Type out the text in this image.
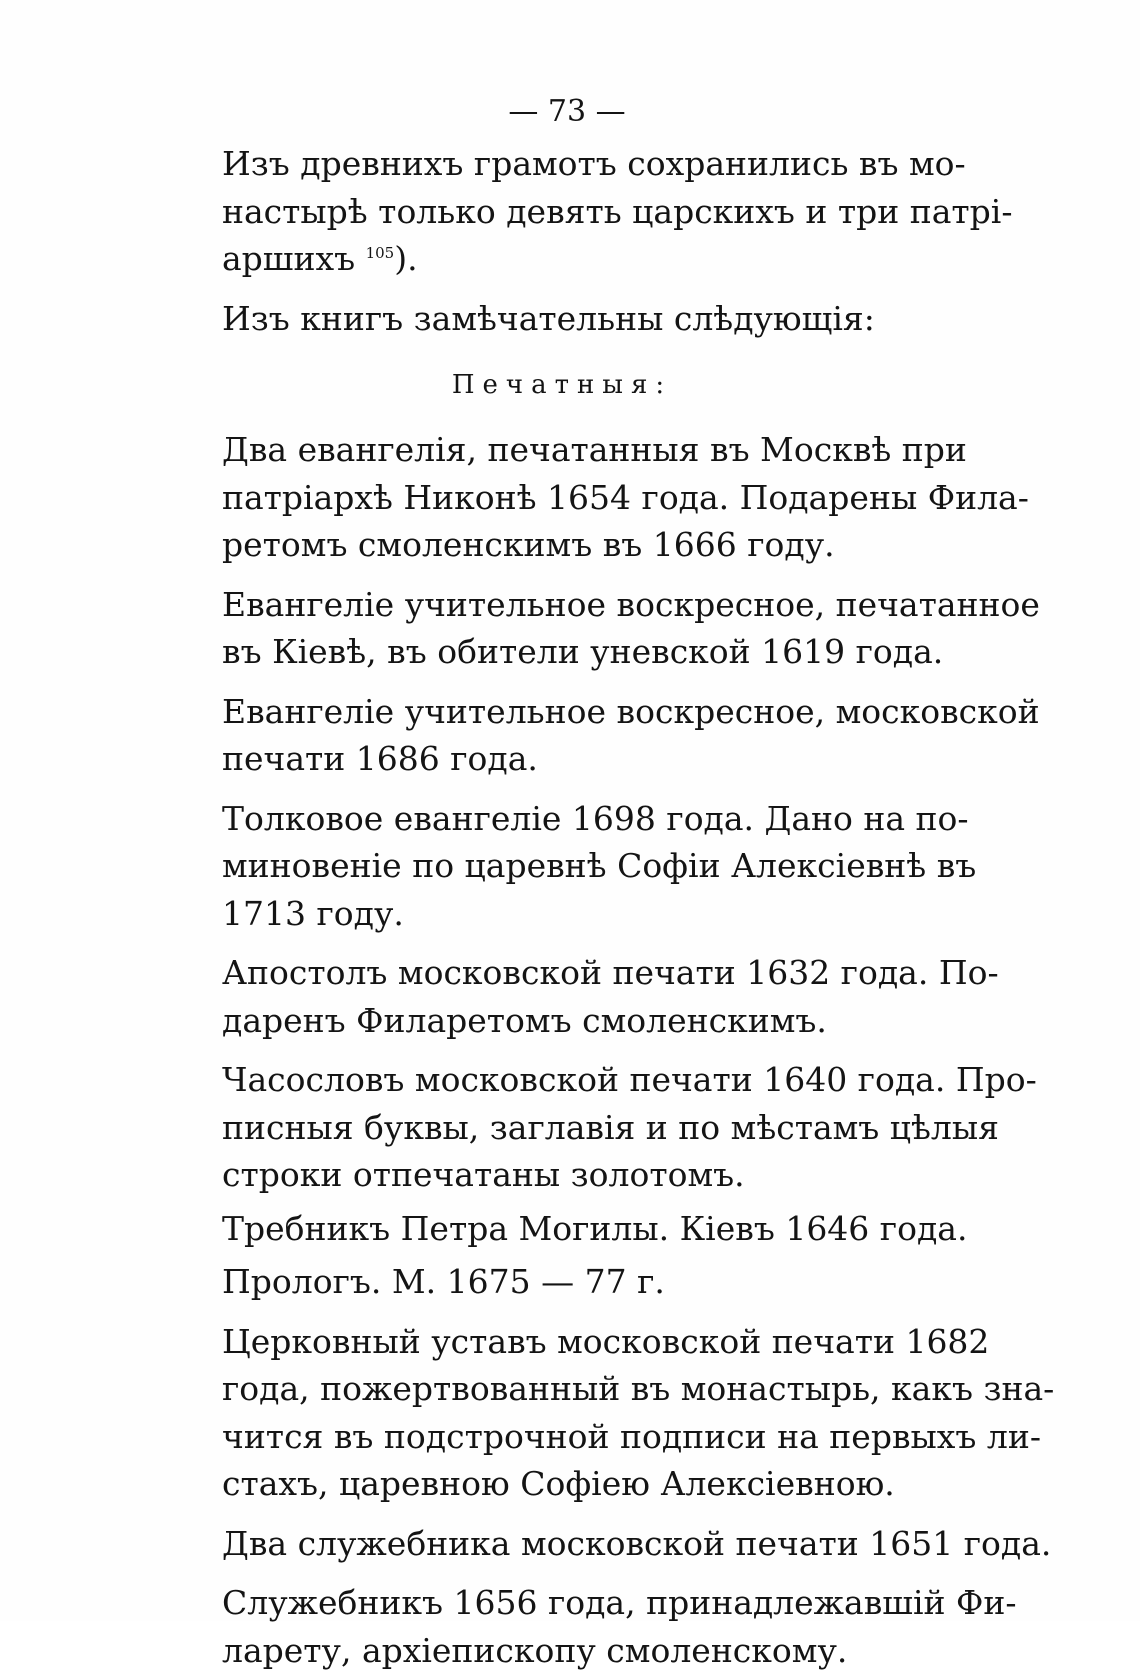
— 73 —

Изъ древнихъ грамотъ сохранились въ мо-
настырѣ только девять царскихъ и три патрі-
аршихъ $^{105}$).

Изъ книгъ замѣчательны слѣдующія:

Печатныя:

Два евангелія, печатанныя въ Москвѣ при
патріархѣ Никонѣ 1654 года. Подарены Фила-
ретомъ смоленскимъ въ 1666 году.

Евангеліе учительное воскресное, печатанное
въ Кіевѣ, въ обители уневской 1619 года.

Евангеліе учительное воскресное, московской
печати 1686 года.

Толковое евангеліе 1698 года. Дано на по-
миновеніе по царевнѣ Софіи Алексіевнѣ въ
1713 году.

Апостолъ московской печати 1632 года. По-
даренъ Филаретомъ смоленскимъ.

Часословъ московской печати 1640 года. Про-
писныя буквы, заглавія и по мѣстамъ цѣлыя
строки отпечатаны золотомъ.

Требникъ Петра Могилы. Кіевъ 1646 года.

Прологъ. М. 1675 — 77 г.

Церковный уставъ московской печати 1682
года, пожертвованный въ монастырь, какъ зна-
чится въ подстрочной подписи на первыхъ ли-
стахъ, царевною Софіею Алексіевною.

Два служебника московской печати 1651 года.

Служебникъ 1656 года, принадлежавшій Фи-
ларету, архіепископу смоленскому.
